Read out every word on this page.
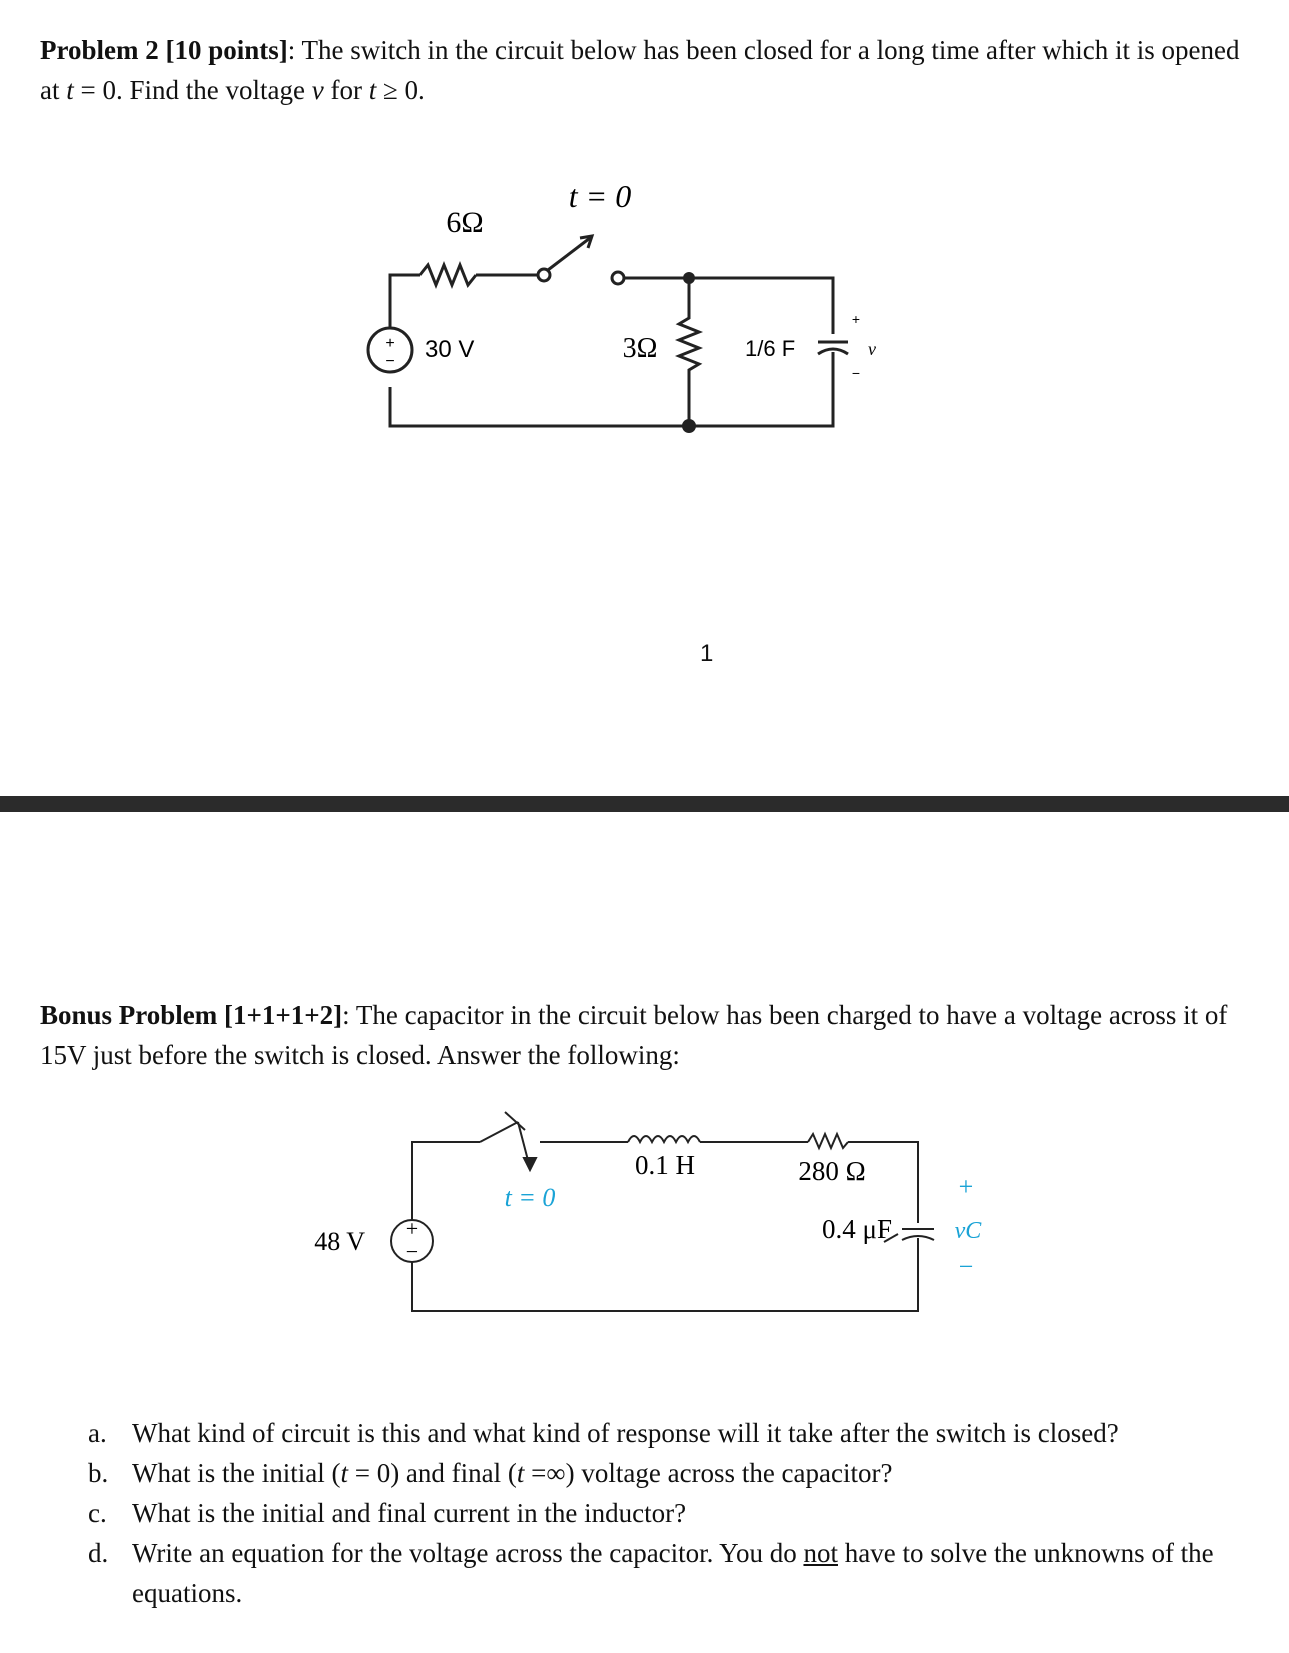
Problem 2 [10 points]: The switch in the circuit below has been closed for a long time after which it is opened at t = 0. Find the voltage v for t ≥ 0.
+
− 30 V
6Ω
t = 0
3Ω	1/6 F
+
v
−
1
Bonus Problem [1+1+1+2]: The capacitor in the circuit below has been charged to have a voltage across it of 15V just before the switch is closed. Answer the following:
+
−
48 V
t = 0
0.1 H	280 Ω
0.4 μF
+
vC
−
a. What kind of circuit is this and what kind of response will it take after the switch is closed?
b. What is the initial (t = 0) and final (t =∞) voltage across the capacitor?
c. What is the initial and final current in the inductor?
d. Write an equation for the voltage across the capacitor. You do not have to solve the unknowns of the equations.
